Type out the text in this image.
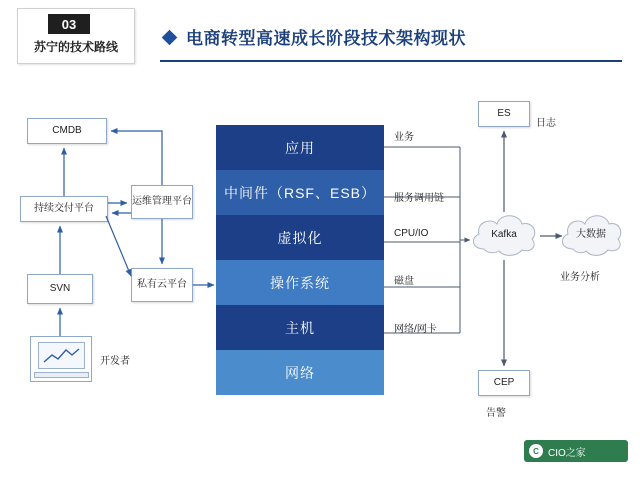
03
苏宁的技术路线	电商转型高速成长阶段技术架构现状
应用
中间件（RSF、ESB）
虚拟化
操作系统
主机
网络
CMDB
持续交付平台
运维管理平台
SVN	私有云平台
开发者
业务
服务调用链
CPU/IO
磁盘
网络/网卡
ES
日志
CEP
告警
Kafka	大数据
业务分析
C CIO之家
